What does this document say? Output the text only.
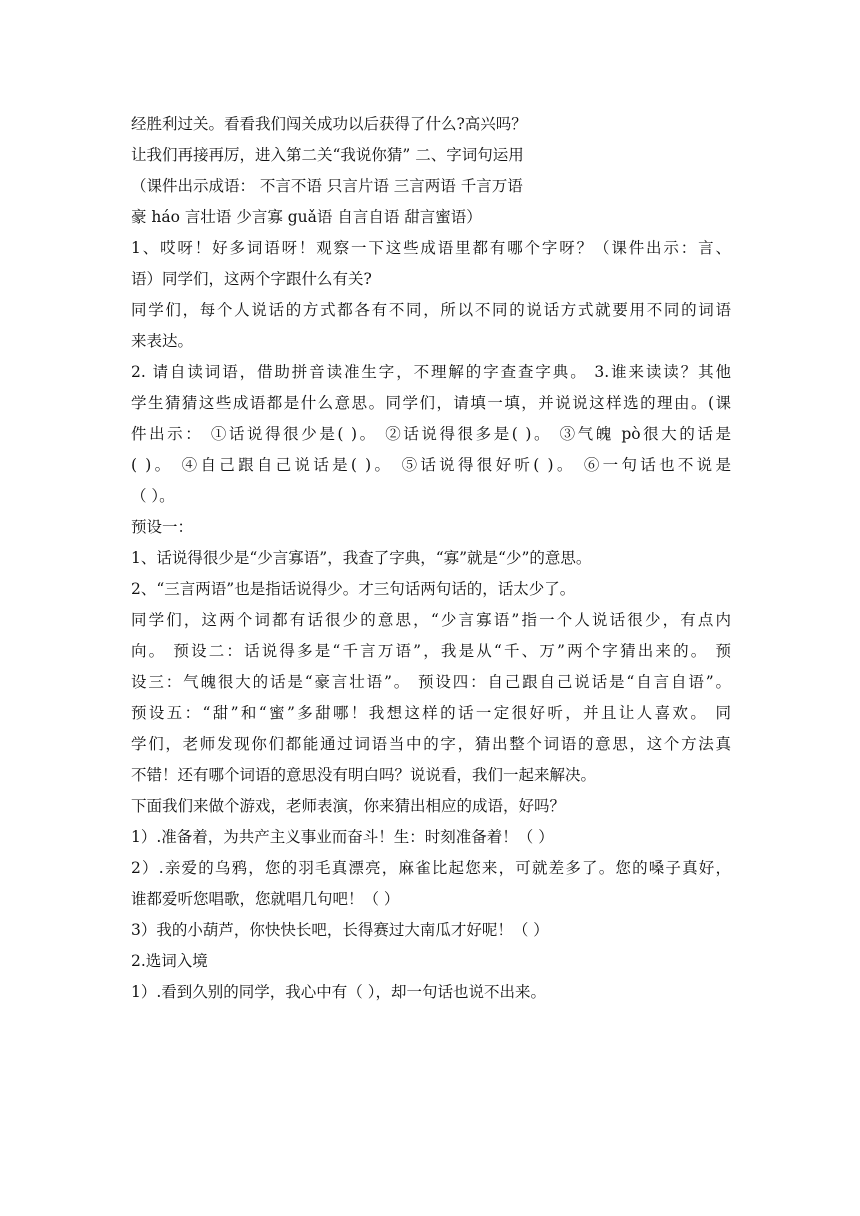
经胜利过关。看看我们闯关成功以后获得了什么?高兴吗？
让我们再接再厉，进入第二关“我说你猜” 二、字词句运用
（课件出示成语： 不言不语 只言片语 三言两语 千言万语
豪 háo 言壮语 少言寡 guǎ语 自言自语 甜言蜜语）
1、哎呀！好多词语呀！观察一下这些成语里都有哪个字呀？（课件出示：言、
语）同学们，这两个字跟什么有关?
同学们，每个人说话的方式都各有不同，所以不同的说话方式就要用不同的词语
来表达。
2. 请自读词语，借助拼音读准生字，不理解的字查查字典。 3.谁来读读？其他
学生猜猜这些成语都是什么意思。同学们，请填一填，并说说这样选的理由。(课
件出示： ①话说得很少是( )。 ②话说得很多是( )。 ③气魄 pò很大的话是
( )。 ④自己跟自己说话是( )。 ⑤话说得很好听( )。 ⑥一句话也不说是
（ ）。
预设一：
1、话说得很少是“少言寡语”，我查了字典，“寡”就是“少”的意思。
2、“三言两语”也是指话说得少。才三句话两句话的，话太少了。
同学们，这两个词都有话很少的意思，“少言寡语”指一个人说话很少，有点内
向。 预设二：话说得多是“千言万语”，我是从“千、万”两个字猜出来的。 预
设三：气魄很大的话是“豪言壮语”。 预设四：自己跟自己说话是“自言自语”。
预设五：“甜”和“蜜”多甜哪！我想这样的话一定很好听，并且让人喜欢。 同
学们，老师发现你们都能通过词语当中的字，猜出整个词语的意思，这个方法真
不错！还有哪个词语的意思没有明白吗？说说看，我们一起来解决。
下面我们来做个游戏，老师表演，你来猜出相应的成语，好吗？
1）.准备着，为共产主义事业而奋斗！生：时刻准备着！（ ）
2）.亲爱的乌鸦，您的羽毛真漂亮，麻雀比起您来，可就差多了。您的嗓子真好，
谁都爱听您唱歌，您就唱几句吧！（ ）
3）我的小葫芦，你快快长吧，长得赛过大南瓜才好呢！（ ）
2.选词入境
1）.看到久别的同学，我心中有（ ），却一句话也说不出来。
